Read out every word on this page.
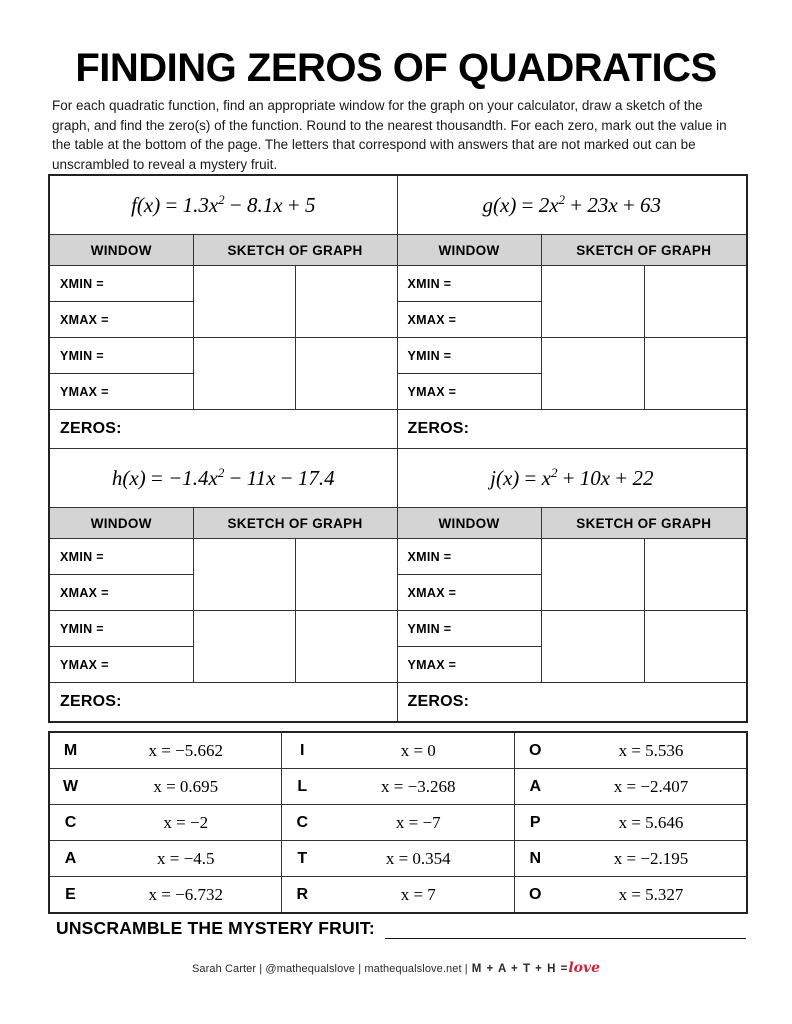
FINDING ZEROS OF QUADRATICS

For each quadratic function, find an appropriate window for the graph on your calculator, draw a sketch of the graph, and find the zero(s) of the function. Round to the nearest thousandth. For each zero, mark out the value in the table at the bottom of the page. The letters that correspond with answers that are not marked out can be unscrambled to reveal a mystery fruit.

$f(x) = 1.3x^2 - 8.1x + 5$			$g(x) = 2x^2 + 23x + 63$		
WINDOW	SKETCH OF GRAPH		WINDOW	SKETCH OF GRAPH	
XMIN =			XMIN =		
XMAX =			XMAX =		
YMIN =			YMIN =		
YMAX =			YMAX =		
ZEROS:			ZEROS:		
$h(x) = -1.4x^2 - 11x - 17.4$			$j(x) = x^2 + 10x + 22$		
WINDOW	SKETCH OF GRAPH		WINDOW	SKETCH OF GRAPH	
XMIN =			XMIN =		
XMAX =			XMAX =		
YMIN =			YMIN =		
YMAX =			YMAX =		
ZEROS:			ZEROS:		
M	x = −5.662	I	x = 0	O	x = 5.536
W	x = 0.695	L	x = −3.268	A	x = −2.407
C	x = −2	C	x = −7	P	x = 5.646
A	x = −4.5	T	x = 0.354	N	x = −2.195
E	x = −6.732	R	x = 7	O	x = 5.327
UNSCRAMBLE THE MYSTERY FRUIT:
Sarah Carter | @mathequalslove | mathequalslove.net | M + A + T + H =love
